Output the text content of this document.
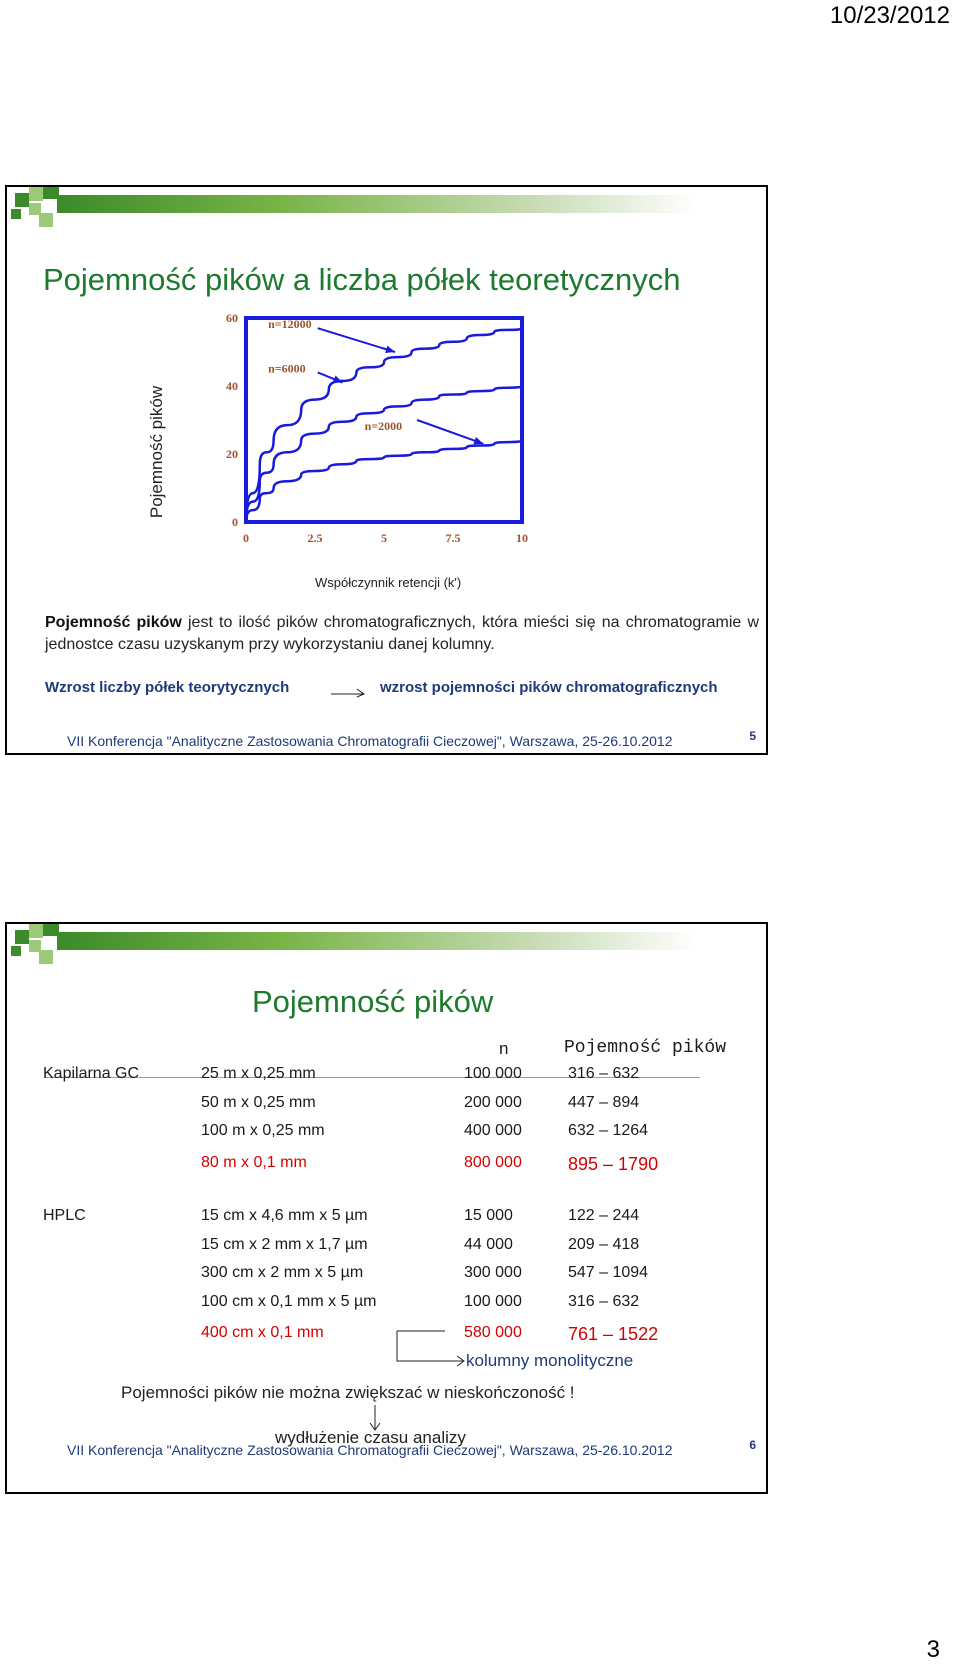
10/23/2012
Pojemność pików a liczba półek teoretycznych
Pojemność pików
0	2.5	5	7.5	10
0
20
40
60	n=12000
n=6000
n=2000
Współczynnik retencji (k')
Pojemność pików jest to ilość pików chromatograficznych, która mieści się na chromatogramie w jednostce czasu uzyskanym przy wykorzystaniu danej kolumny.
Wzrost liczby półek teorytycznych	wzrost pojemności pików chromatograficznych
VII Konferencja "Analityczne Zastosowania Chromatografii Cieczowej", Warszawa, 25-26.10.2012	5
Pojemność pików
n	Pojemność pików
Kapilarna GC	25 m x 0,25 mm	100 000	316 – 632
50 m x 0,25 mm	200 000	447 – 894
100 m x 0,25 mm	400 000	632 – 1264
80 m x 0,1 mm	800 000	895 – 1790
HPLC	15 cm x 4,6 mm x 5 µm	15 000	122 – 244
15 cm x 2 mm x 1,7 µm	44 000	209 – 418
300 cm x 2 mm x 5 µm	300 000	547 – 1094
100 cm x 0,1 mm x 5 µm	100 000	316 – 632
400 cm x 0,1 mm	580 000	761 – 1522
kolumny monolityczne
Pojemności pików nie można zwiększać w nieskończoność !
wydłużenie czasu analizy
VII Konferencja "Analityczne Zastosowania Chromatografii Cieczowej", Warszawa, 25-26.10.2012	6
3
